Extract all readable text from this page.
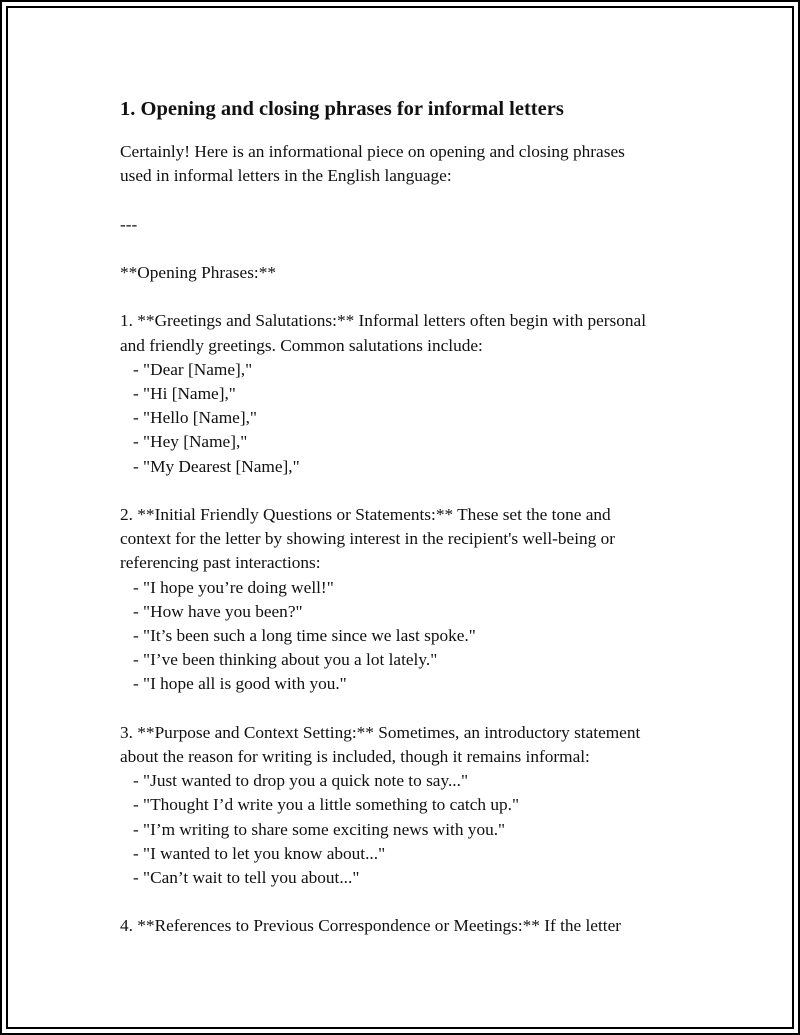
1. Opening and closing phrases for informal letters
Certainly! Here is an informational piece on opening and closing phrases
used in informal letters in the English language:
---
**Opening Phrases:**
1. **Greetings and Salutations:** Informal letters often begin with personal
and friendly greetings. Common salutations include:
- "Dear [Name],"
- "Hi [Name],"
- "Hello [Name],"
- "Hey [Name],"
- "My Dearest [Name],"
2. **Initial Friendly Questions or Statements:** These set the tone and
context for the letter by showing interest in the recipient's well-being or
referencing past interactions:
- "I hope you’re doing well!"
- "How have you been?"
- "It’s been such a long time since we last spoke."
- "I’ve been thinking about you a lot lately."
- "I hope all is good with you."
3. **Purpose and Context Setting:** Sometimes, an introductory statement
about the reason for writing is included, though it remains informal:
- "Just wanted to drop you a quick note to say..."
- "Thought I’d write you a little something to catch up."
- "I’m writing to share some exciting news with you."
- "I wanted to let you know about..."
- "Can’t wait to tell you about..."
4. **References to Previous Correspondence or Meetings:** If the letter
